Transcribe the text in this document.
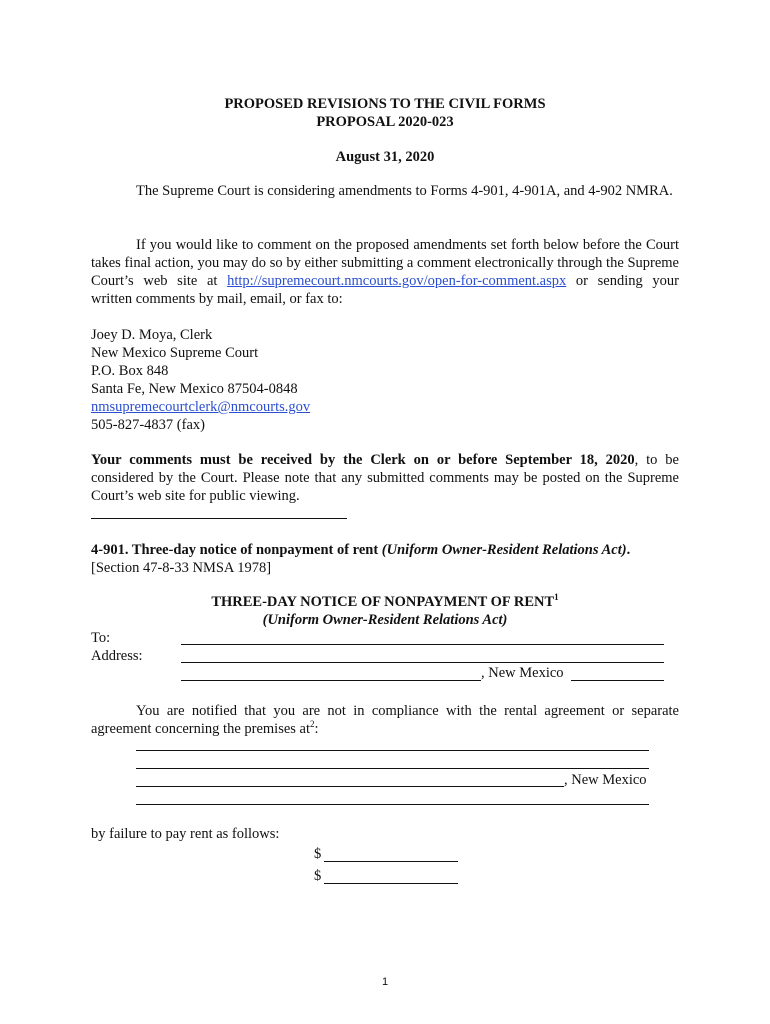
PROPOSED REVISIONS TO THE CIVIL FORMS
PROPOSAL 2020-023
August 31, 2020
The Supreme Court is considering amendments to Forms 4-901, 4-901A, and 4-902 NMRA.
If you would like to comment on the proposed amendments set forth below before the Court takes final action, you may do so by either submitting a comment electronically through the Supreme Court’s web site at http://supremecourt.nmcourts.gov/open-for-comment.aspx or sending your written comments by mail, email, or fax to:
Joey D. Moya, Clerk
New Mexico Supreme Court
P.O. Box 848
Santa Fe, New Mexico 87504-0848
nmsupremecourtclerk@nmcourts.gov
505-827-4837 (fax)
Your comments must be received by the Clerk on or before September 18, 2020, to be considered by the Court. Please note that any submitted comments may be posted on the Supreme Court’s web site for public viewing.
4-901. Three-day notice of nonpayment of rent (Uniform Owner-Resident Relations Act).
[Section 47-8-33 NMSA 1978]
THREE-DAY NOTICE OF NONPAYMENT OF RENT$^1$
(Uniform Owner-Resident Relations Act)
To:
Address:
, New Mexico
You are notified that you are not in compliance with the rental agreement or separate agreement concerning the premises $at^2$:
, New Mexico
by failure to pay rent as follows:
$
$
1
